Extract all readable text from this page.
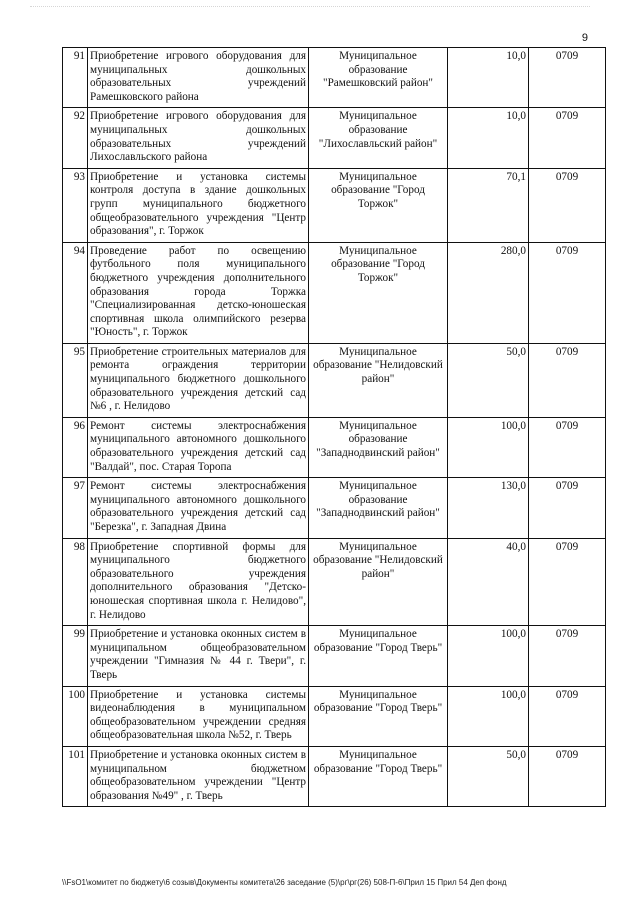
9
91	Приобретение игрового оборудования для муниципальных дошкольных образовательных учреждений Рамешковского района	Муниципальное образование "Рамешковский район"	10,0	0709
92	Приобретение игрового оборудования для муниципальных дошкольных образовательных учреждений Лихославльского района	Муниципальное образование "Лихославльский район"	10,0	0709
93	Приобретение и установка системы контроля доступа в здание дошкольных групп муниципального бюджетного общеобразовательного учреждения "Центр образования", г. Торжок	Муниципальное образование "Город Торжок"	70,1	0709
94	Проведение работ по освещению футбольного поля муниципального бюджетного учреждения дополнительного образования города Торжка "Специализированная детско-юношеская спортивная школа олимпийского резерва "Юность", г. Торжок	Муниципальное образование "Город Торжок"	280,0	0709
95	Приобретение строительных материалов для ремонта ограждения территории муниципального бюджетного дошкольного образовательного учреждения детский сад №6 , г. Нелидово	Муниципальное образование "Нелидовский район"	50,0	0709
96	Ремонт системы электроснабжения муниципального автономного дошкольного образовательного учреждения детский сад "Валдай", пос. Старая Торопа	Муниципальное образование "Западнодвинский район"	100,0	0709
97	Ремонт системы электроснабжения муниципального автономного дошкольного образовательного учреждения детский сад "Березка", г. Западная Двина	Муниципальное образование "Западнодвинский район"	130,0	0709
98	Приобретение спортивной формы для муниципального бюджетного образовательного учреждения дополнительного образования "Детско-юношеская спортивная школа г. Нелидово", г. Нелидово	Муниципальное образование "Нелидовский район"	40,0	0709
99	Приобретение и установка оконных систем в муниципальном общеобразовательном учреждении "Гимназия № 44 г. Твери", г. Тверь	Муниципальное образование "Город Тверь"	100,0	0709
100	Приобретение и установка системы видеонаблюдения в муниципальном общеобразовательном учреждении средняя общеобразовательная школа №52, г. Тверь	Муниципальное образование "Город Тверь"	100,0	0709
101	Приобретение и установка оконных систем в муниципальном бюджетном общеобразовательном учреждении "Центр образования №49" , г. Тверь	Муниципальное образование "Город Тверь"	50,0	0709
\\FsO1\комитет по бюджету\6 созыв\Документы комитета\26 заседание (5)\рг\рг(26) 508-П-6\Прил 15 Прил 54 Деп фонд
